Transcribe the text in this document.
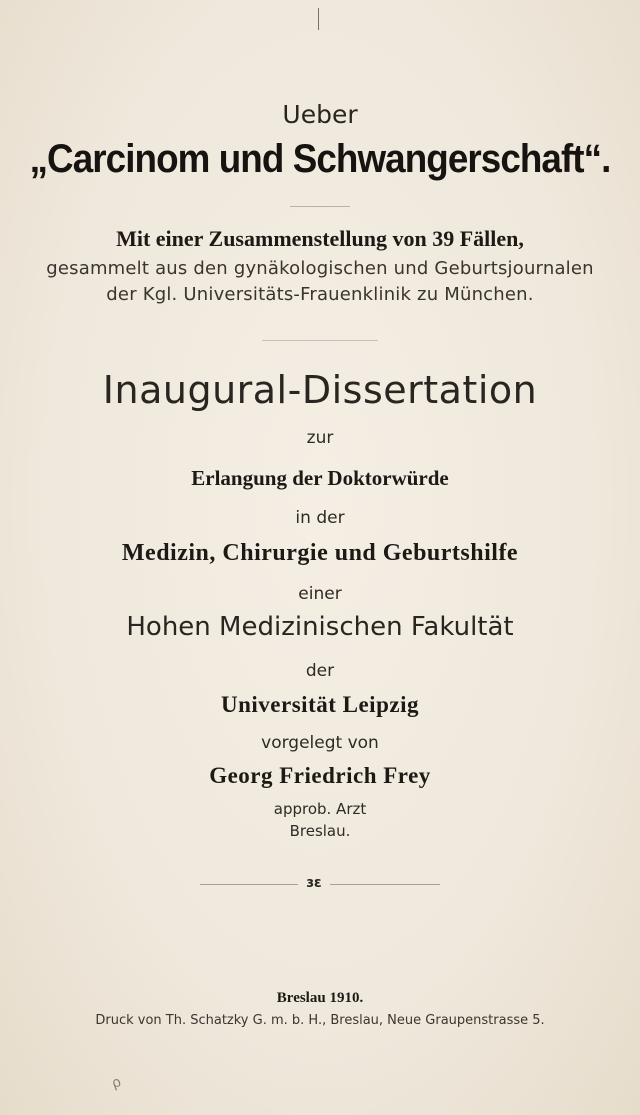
Ueber
„Carcinom und Schwangerschaft“.
Mit einer Zusammenstellung von 39 Fällen,
gesammelt aus den gynäkologischen und Geburtsjournalen
der Kgl. Universitäts-Frauenklinik zu München.
Inaugural-Dissertation
zur
Erlangung der Doktorwürde
in der
Medizin, Chirurgie und Geburtshilfe
einer
Hohen Medizinischen Fakultät
der
Universität Leipzig
vorgelegt von
Georg Friedrich Frey
approb. Arzt
Breslau.
ɜɛ
Breslau 1910.
Druck von Th. Schatzky G. m. b. H., Breslau, Neue Graupenstrasse 5.
ρ
